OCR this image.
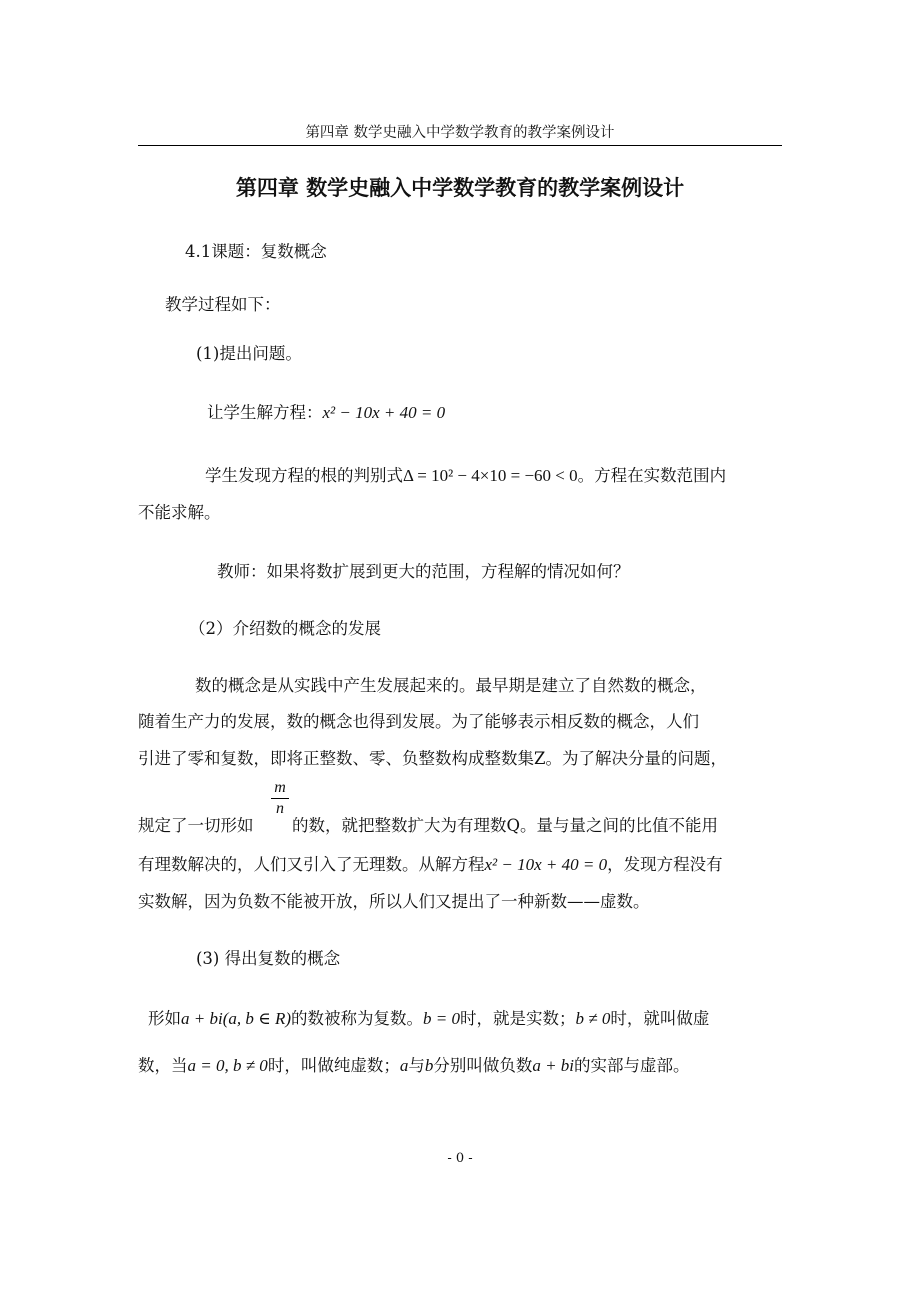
第四章 数学史融入中学数学教育的教学案例设计
第四章 数学史融入中学数学教育的教学案例设计
4.1课题：复数概念
教学过程如下：
(1)提出问题。
让学生解方程：x² − 10x + 40 = 0
学生发现方程的根的判别式Δ = 10² − 4×10 = −60 < 0。方程在实数范围内
不能求解。
教师：如果将数扩展到更大的范围，方程解的情况如何？
（2）介绍数的概念的发展
数的概念是从实践中产生发展起来的。最早期是建立了自然数的概念，
随着生产力的发展，数的概念也得到发展。为了能够表示相反数的概念，人们
引进了零和复数，即将正整数、零、负整数构成整数集Z。为了解决分量的问题，
规定了一切形如
m
n
的数，就把整数扩大为有理数Q。量与量之间的比值不能用
有理数解决的，人们又引入了无理数。从解方程x² − 10x + 40 = 0，发现方程没有
实数解，因为负数不能被开放，所以人们又提出了一种新数——虚数。
(3) 得出复数的概念
形如a + bi(a, b ∈ R)的数被称为复数。b = 0时，就是实数；b ≠ 0时，就叫做虚
数，当a = 0, b ≠ 0时，叫做纯虚数；a与b分别叫做负数a + bi的实部与虚部。
- 0 -
